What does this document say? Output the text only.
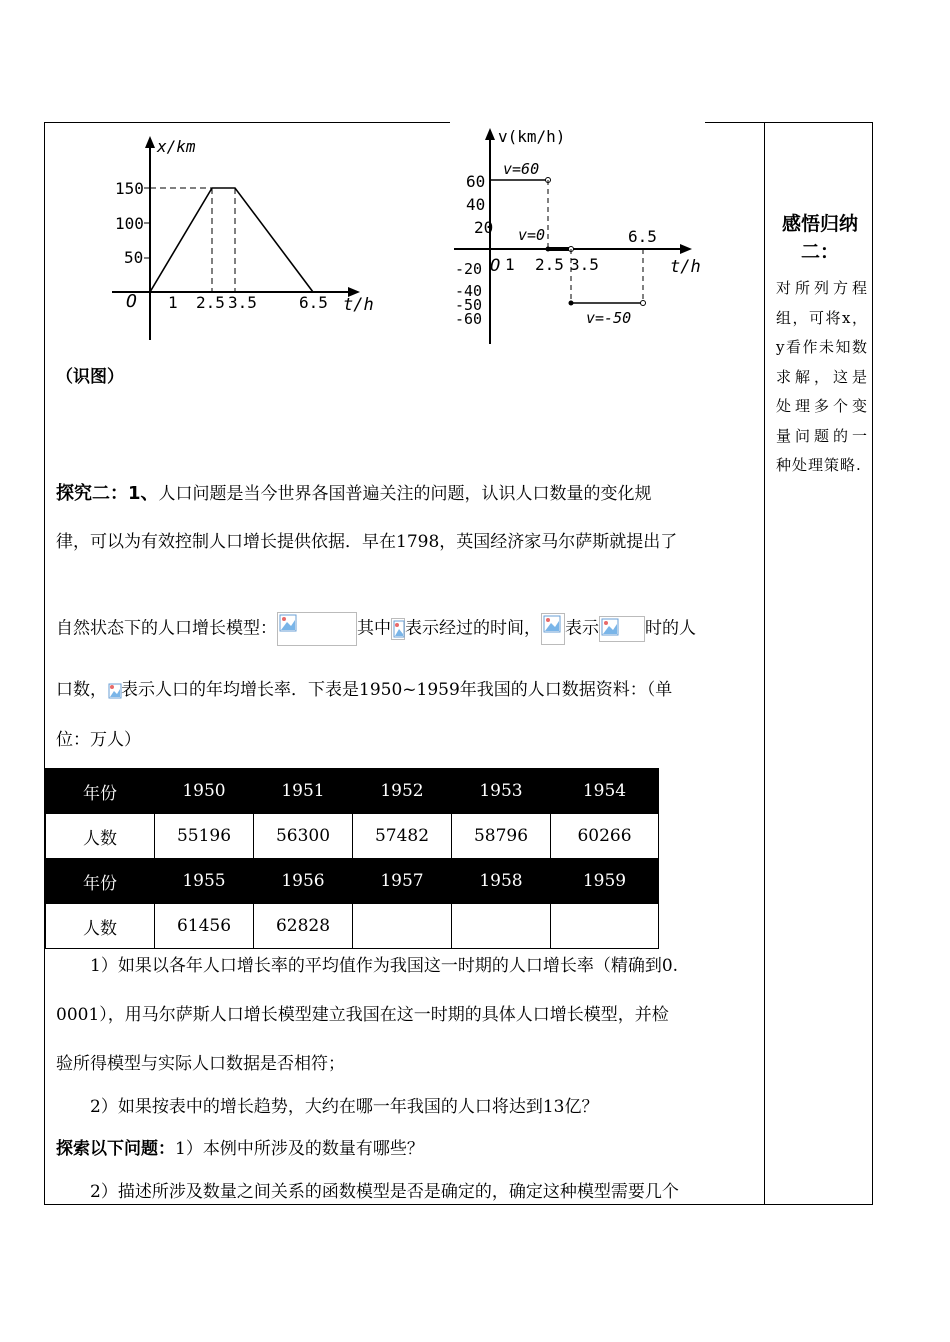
x/km
t/h
O
150
100
50
1 2.5 3.5	6.5
v(km/h)
t/h
O
60
40
20
-20
-40
-50
-60
1 2.5 3.5
6.5
v=60
v=0
v=-50
（识图）
感悟归纳二：
对所列方程组，可将x，y看作未知数求解，这是处理多个变量问题的一种处理策略.
探究二：1、人口问题是当今世界各国普遍关注的问题，认识人口数量的变化规
律，可以为有效控制人口增长提供依据．早在1798，英国经济家马尔萨斯就提出了
自然状态下的人口增长模型：	其中 表示经过的时间， 表示	时的人
口数， 表示人口的年均增长率．下表是1950~1959年我国的人口数据资料：（单
位：万人）
年份	1950	1951	1952	1953	1954
人数	55196	56300	57482	58796	60266
年份	1955	1956	1957	1958	1959
人数	61456	62828			
1）如果以各年人口增长率的平均值作为我国这一时期的人口增长率（精确到0.
0001），用马尔萨斯人口增长模型建立我国在这一时期的具体人口增长模型，并检
验所得模型与实际人口数据是否相符；
2）如果按表中的增长趋势，大约在哪一年我国的人口将达到13亿？
探索以下问题：1）本例中所涉及的数量有哪些？
2）描述所涉及数量之间关系的函数模型是否是确定的，确定这种模型需要几个
